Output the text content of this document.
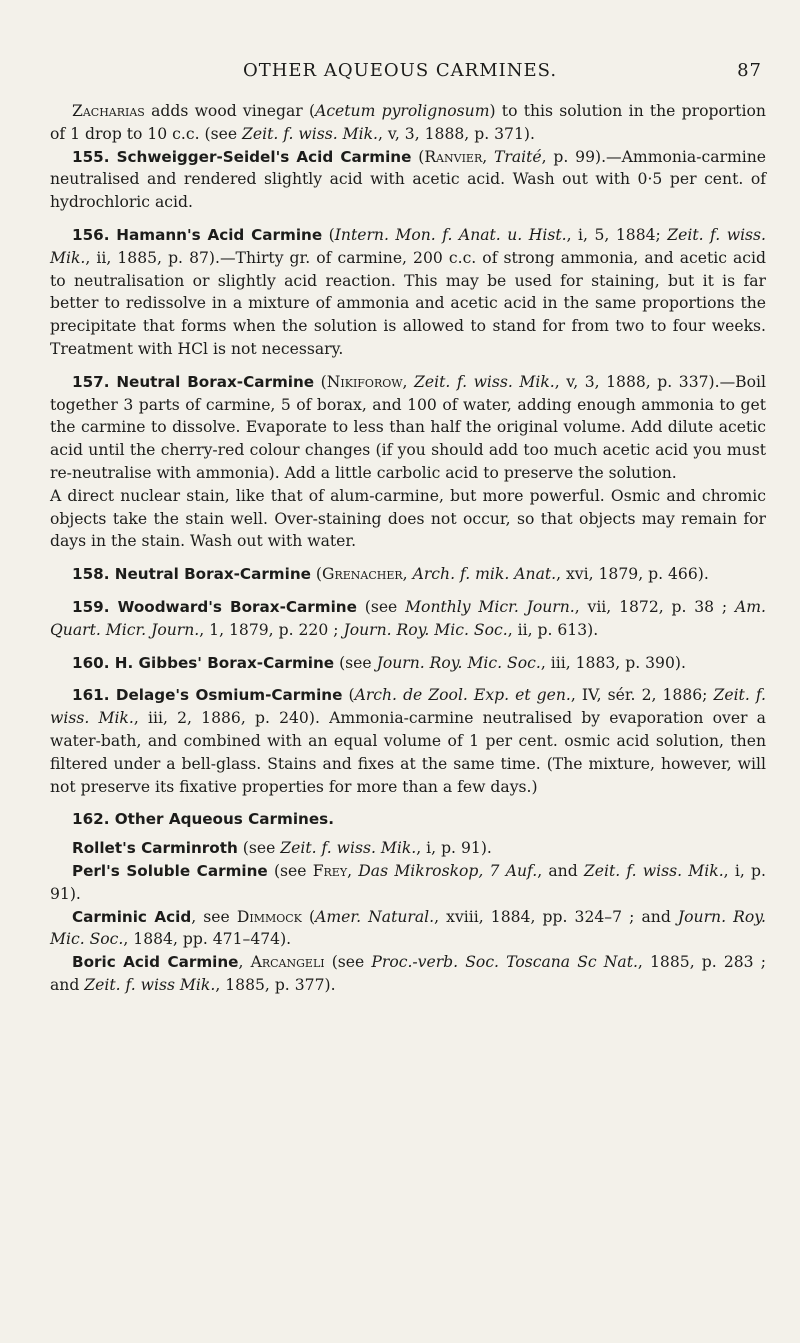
OTHER AQUEOUS CARMINES.	87

Zacharias adds wood vinegar (Acetum pyrolignosum) to this solution in the proportion of 1 drop to 10 c.c. (see Zeit. f. wiss. Mik., v, 3, 1888, p. 371).

155. Schweigger-Seidel's Acid Carmine (Ranvier, Traité, p. 99).—Ammonia-carmine neutralised and rendered slightly acid with acetic acid. Wash out with 0·5 per cent. of hydrochloric acid.

156. Hamann's Acid Carmine (Intern. Mon. f. Anat. u. Hist., i, 5, 1884; Zeit. f. wiss. Mik., ii, 1885, p. 87).—Thirty gr. of carmine, 200 c.c. of strong ammonia, and acetic acid to neutralisation or slightly acid reaction. This may be used for staining, but it is far better to redissolve in a mixture of ammonia and acetic acid in the same proportions the precipitate that forms when the solution is allowed to stand for from two to four weeks. Treatment with HCl is not necessary.

157. Neutral Borax-Carmine (Nikiforow, Zeit. f. wiss. Mik., v, 3, 1888, p. 337).—Boil together 3 parts of carmine, 5 of borax, and 100 of water, adding enough ammonia to get the carmine to dissolve. Evaporate to less than half the original volume. Add dilute acetic acid until the cherry-red colour changes (if you should add too much acetic acid you must re-neutralise with ammonia). Add a little carbolic acid to preserve the solution.

A direct nuclear stain, like that of alum-carmine, but more powerful. Osmic and chromic objects take the stain well. Over-staining does not occur, so that objects may remain for days in the stain. Wash out with water.

158. Neutral Borax-Carmine (Grenacher, Arch. f. mik. Anat., xvi, 1879, p. 466).

159. Woodward's Borax-Carmine (see Monthly Micr. Journ., vii, 1872, p. 38 ; Am. Quart. Micr. Journ., 1, 1879, p. 220 ; Journ. Roy. Mic. Soc., ii, p. 613).

160. H. Gibbes' Borax-Carmine (see Journ. Roy. Mic. Soc., iii, 1883, p. 390).

161. Delage's Osmium-Carmine (Arch. de Zool. Exp. et gen., IV, sér. 2, 1886; Zeit. f. wiss. Mik., iii, 2, 1886, p. 240). Ammonia-carmine neutralised by evaporation over a water-bath, and combined with an equal volume of 1 per cent. osmic acid solution, then filtered under a bell-glass. Stains and fixes at the same time. (The mixture, however, will not preserve its fixative properties for more than a few days.)

162. Other Aqueous Carmines.

Rollet's Carminroth (see Zeit. f. wiss. Mik., i, p. 91).

Perl's Soluble Carmine (see Frey, Das Mikroskop, 7 Auf., and Zeit. f. wiss. Mik., i, p. 91).

Carminic Acid, see Dimmock (Amer. Natural., xviii, 1884, pp. 324–7 ; and Journ. Roy. Mic. Soc., 1884, pp. 471–474).

Boric Acid Carmine, Arcangeli (see Proc.-verb. Soc. Toscana Sc Nat., 1885, p. 283 ; and Zeit. f. wiss Mik., 1885, p. 377).
